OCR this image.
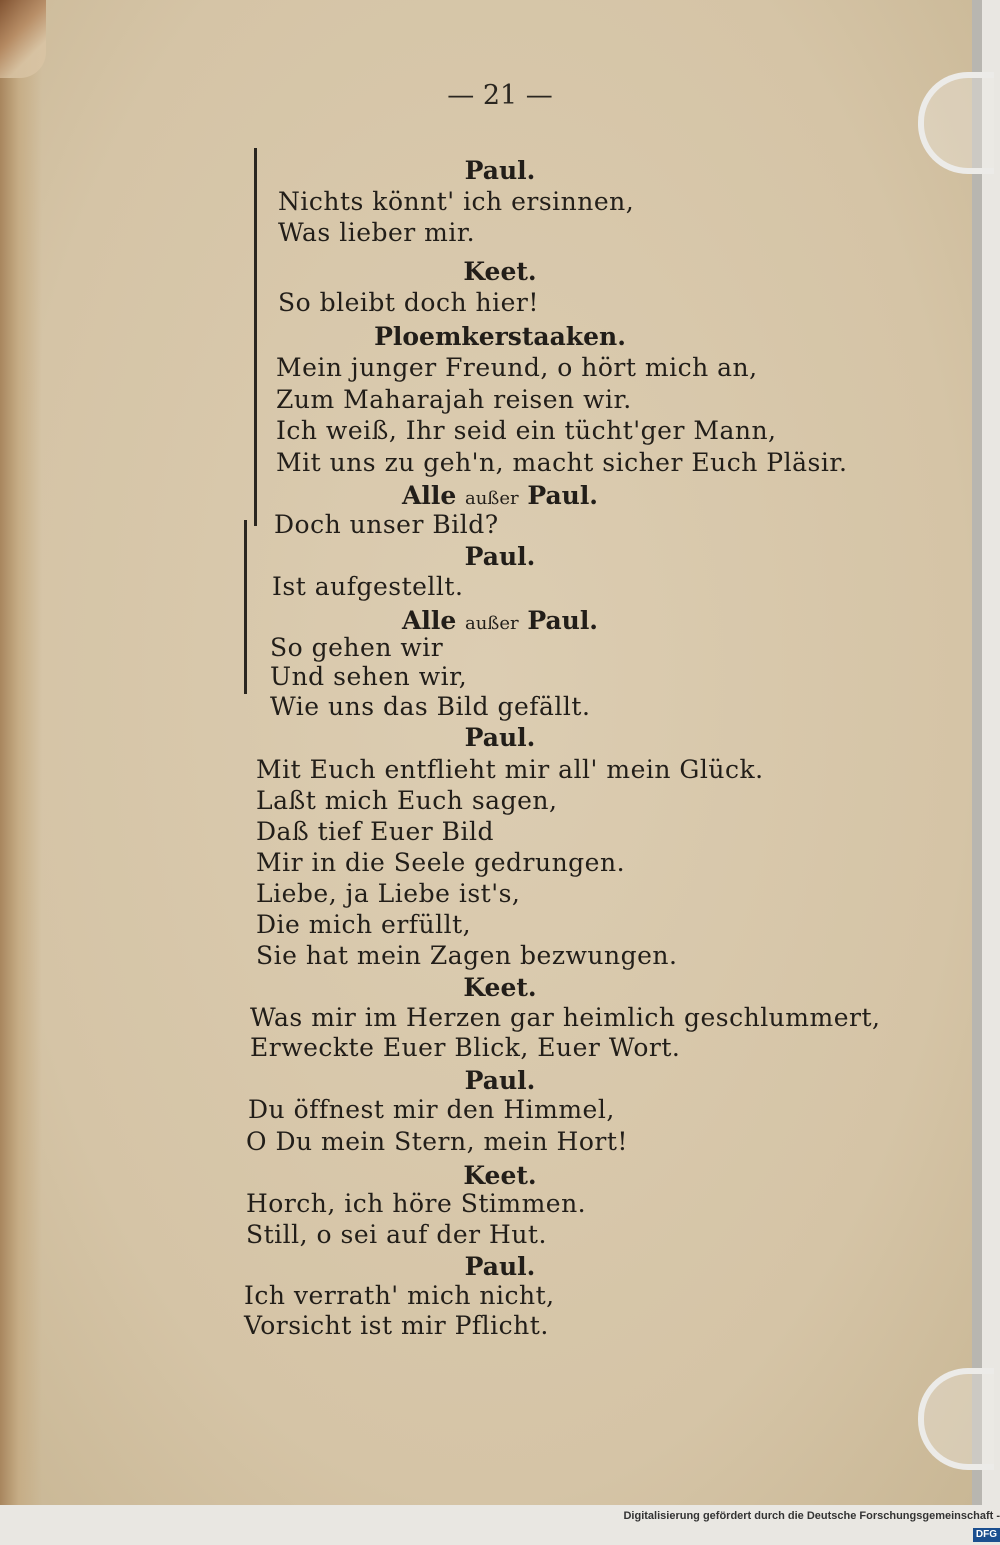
— 21 —
Paul.
Nichts könnt' ich ersinnen,
Was lieber mir.
Keet.
So bleibt doch hier!
Ploemkerstaaken.
Mein junger Freund, o hört mich an,
Zum Maharajah reisen wir.
Ich weiß, Ihr seid ein tücht'ger Mann,
Mit uns zu geh'n, macht sicher Euch Pläsir.
Alle außer Paul.
Doch unser Bild?
Paul.
Ist aufgestellt.
Alle außer Paul.
So gehen wir
Und sehen wir,
Wie uns das Bild gefällt.
Paul.
Mit Euch entflieht mir all' mein Glück.
Laßt mich Euch sagen,
Daß tief Euer Bild
Mir in die Seele gedrungen.
Liebe, ja Liebe ist's,
Die mich erfüllt,
Sie hat mein Zagen bezwungen.
Keet.
Was mir im Herzen gar heimlich geschlummert,
Erweckte Euer Blick, Euer Wort.
Paul.
Du öffnest mir den Himmel,
O Du mein Stern, mein Hort!
Keet.
Horch, ich höre Stimmen.
Still, o sei auf der Hut.
Paul.
Ich verrath' mich nicht,
Vorsicht ist mir Pflicht.
Digitalisierung gefördert durch die Deutsche Forschungsgemeinschaft -DFG
